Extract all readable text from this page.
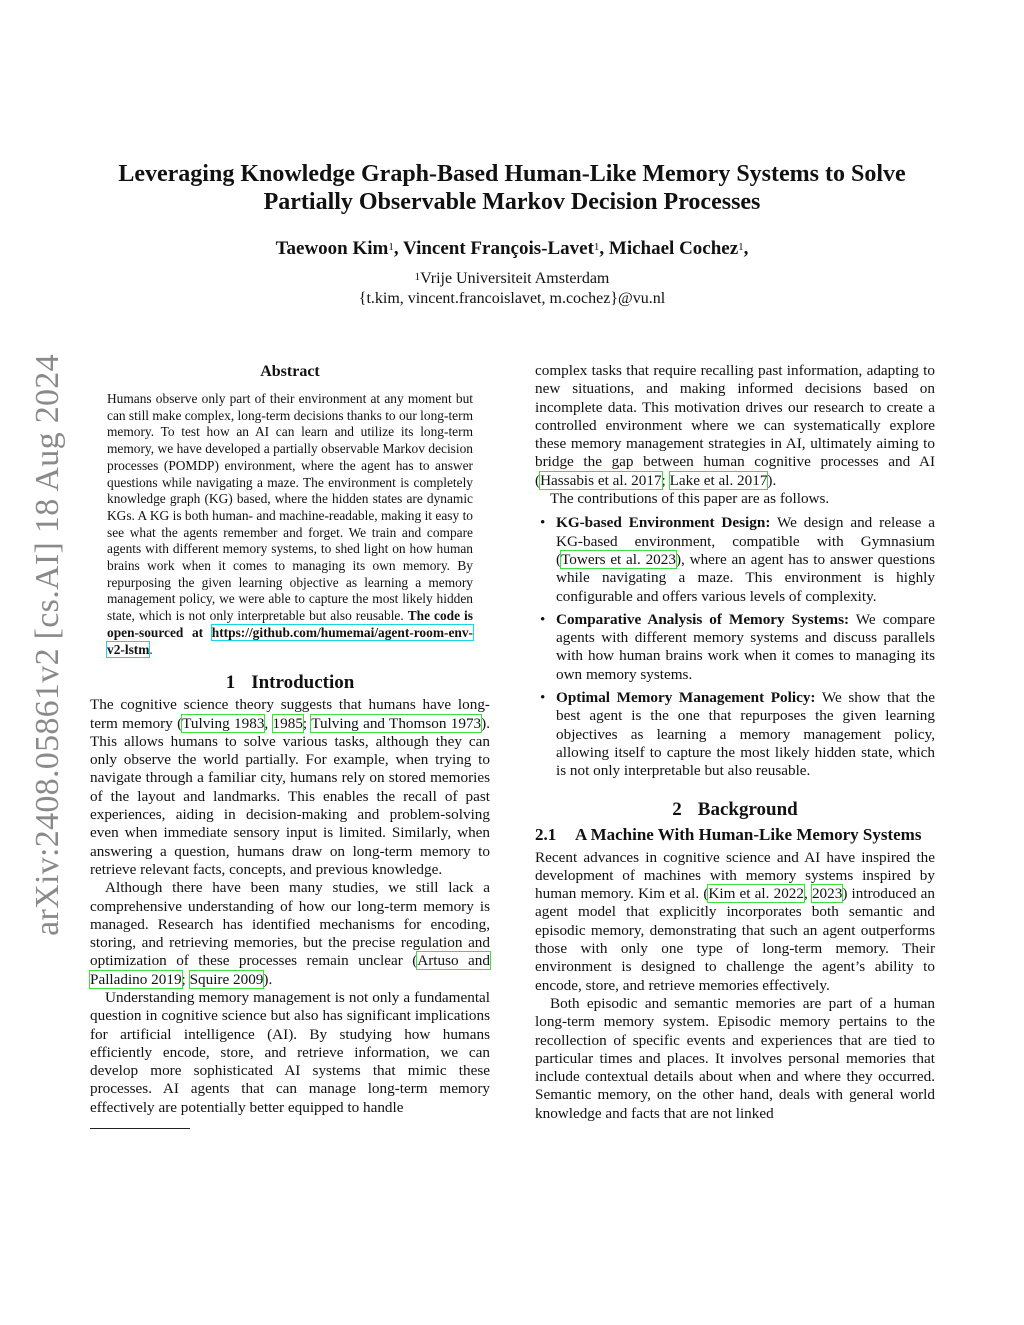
arXiv:2408.05861v2 [cs.AI] 18 Aug 2024
Leveraging Knowledge Graph-Based Human-Like Memory Systems to Solve
Partially Observable Markov Decision Processes
Taewoon Kim$^1$, Vincent François-Lavet$^1$, Michael Cochez$^1$,
$^1$Vrije Universiteit Amsterdam
{t.kim, vincent.francoislavet, m.cochez}@vu.nl
Abstract

Humans observe only part of their environment at any moment but can still make complex, long-term decisions thanks to our long-term memory. To test how an AI can learn and utilize its long-term memory, we have developed a partially observable Markov decision processes (POMDP) environment, where the agent has to answer questions while navigating a maze. The environment is completely knowledge graph (KG) based, where the hidden states are dynamic KGs. A KG is both human- and machine-readable, making it easy to see what the agents remember and forget. We train and compare agents with different memory systems, to shed light on how human brains work when it comes to managing its own memory. By repurposing the given learning objective as learning a memory management policy, we were able to capture the most likely hidden state, which is not only interpretable but also reusable. The code is open-sourced at https://github.com/humemai/agent-room-env-v2-lstm.

1 Introduction

The cognitive science theory suggests that humans have long-term memory (Tulving 1983, 1985; Tulving and Thomson 1973). This allows humans to solve various tasks, although they can only observe the world partially. For example, when trying to navigate through a familiar city, humans rely on stored memories of the layout and landmarks. This enables the recall of past experiences, aiding in decision-making and problem-solving even when immediate sensory input is limited. Similarly, when answering a question, humans draw on long-term memory to retrieve relevant facts, concepts, and previous knowledge.

Although there have been many studies, we still lack a comprehensive understanding of how our long-term memory is managed. Research has identified mechanisms for encoding, storing, and retrieving memories, but the precise regulation and optimization of these processes remain unclear (Artuso and Palladino 2019; Squire 2009).

Understanding memory management is not only a fundamental question in cognitive science but also has significant implications for artificial intelligence (AI). By studying how humans efficiently encode, store, and retrieve information, we can develop more sophisticated AI systems that mimic these processes. AI agents that can manage long-term memory effectively are potentially better equipped to handle

complex tasks that require recalling past information, adapting to new situations, and making informed decisions based on incomplete data. This motivation drives our research to create a controlled environment where we can systematically explore these memory management strategies in AI, ultimately aiming to bridge the gap between human cognitive processes and AI (Hassabis et al. 2017; Lake et al. 2017).

The contributions of this paper are as follows.

• KG-based Environment Design: We design and release a KG-based environment, compatible with Gymnasium (Towers et al. 2023), where an agent has to answer questions while navigating a maze. This environment is highly configurable and offers various levels of complexity.
• Comparative Analysis of Memory Systems: We compare agents with different memory systems and discuss parallels with how human brains work when it comes to managing its own memory systems.
• Optimal Memory Management Policy: We show that the best agent is the one that repurposes the given learning objectives as learning a memory management policy, allowing itself to capture the most likely hidden state, which is not only interpretable but also reusable.
2 Background
2.1	A Machine With Human-Like Memory Systems

Recent advances in cognitive science and AI have inspired the development of machines with memory systems inspired by human memory. Kim et al. (Kim et al. 2022, 2023) introduced an agent model that explicitly incorporates both semantic and episodic memory, demonstrating that such an agent outperforms those with only one type of long-term memory. Their environment is designed to challenge the agent’s ability to encode, store, and retrieve memories effectively.

Both episodic and semantic memories are part of a human long-term memory system. Episodic memory pertains to the recollection of specific events and experiences that are tied to particular times and places. It involves personal memories that include contextual details about when and where they occurred. Semantic memory, on the other hand, deals with general world knowledge and facts that are not linked
